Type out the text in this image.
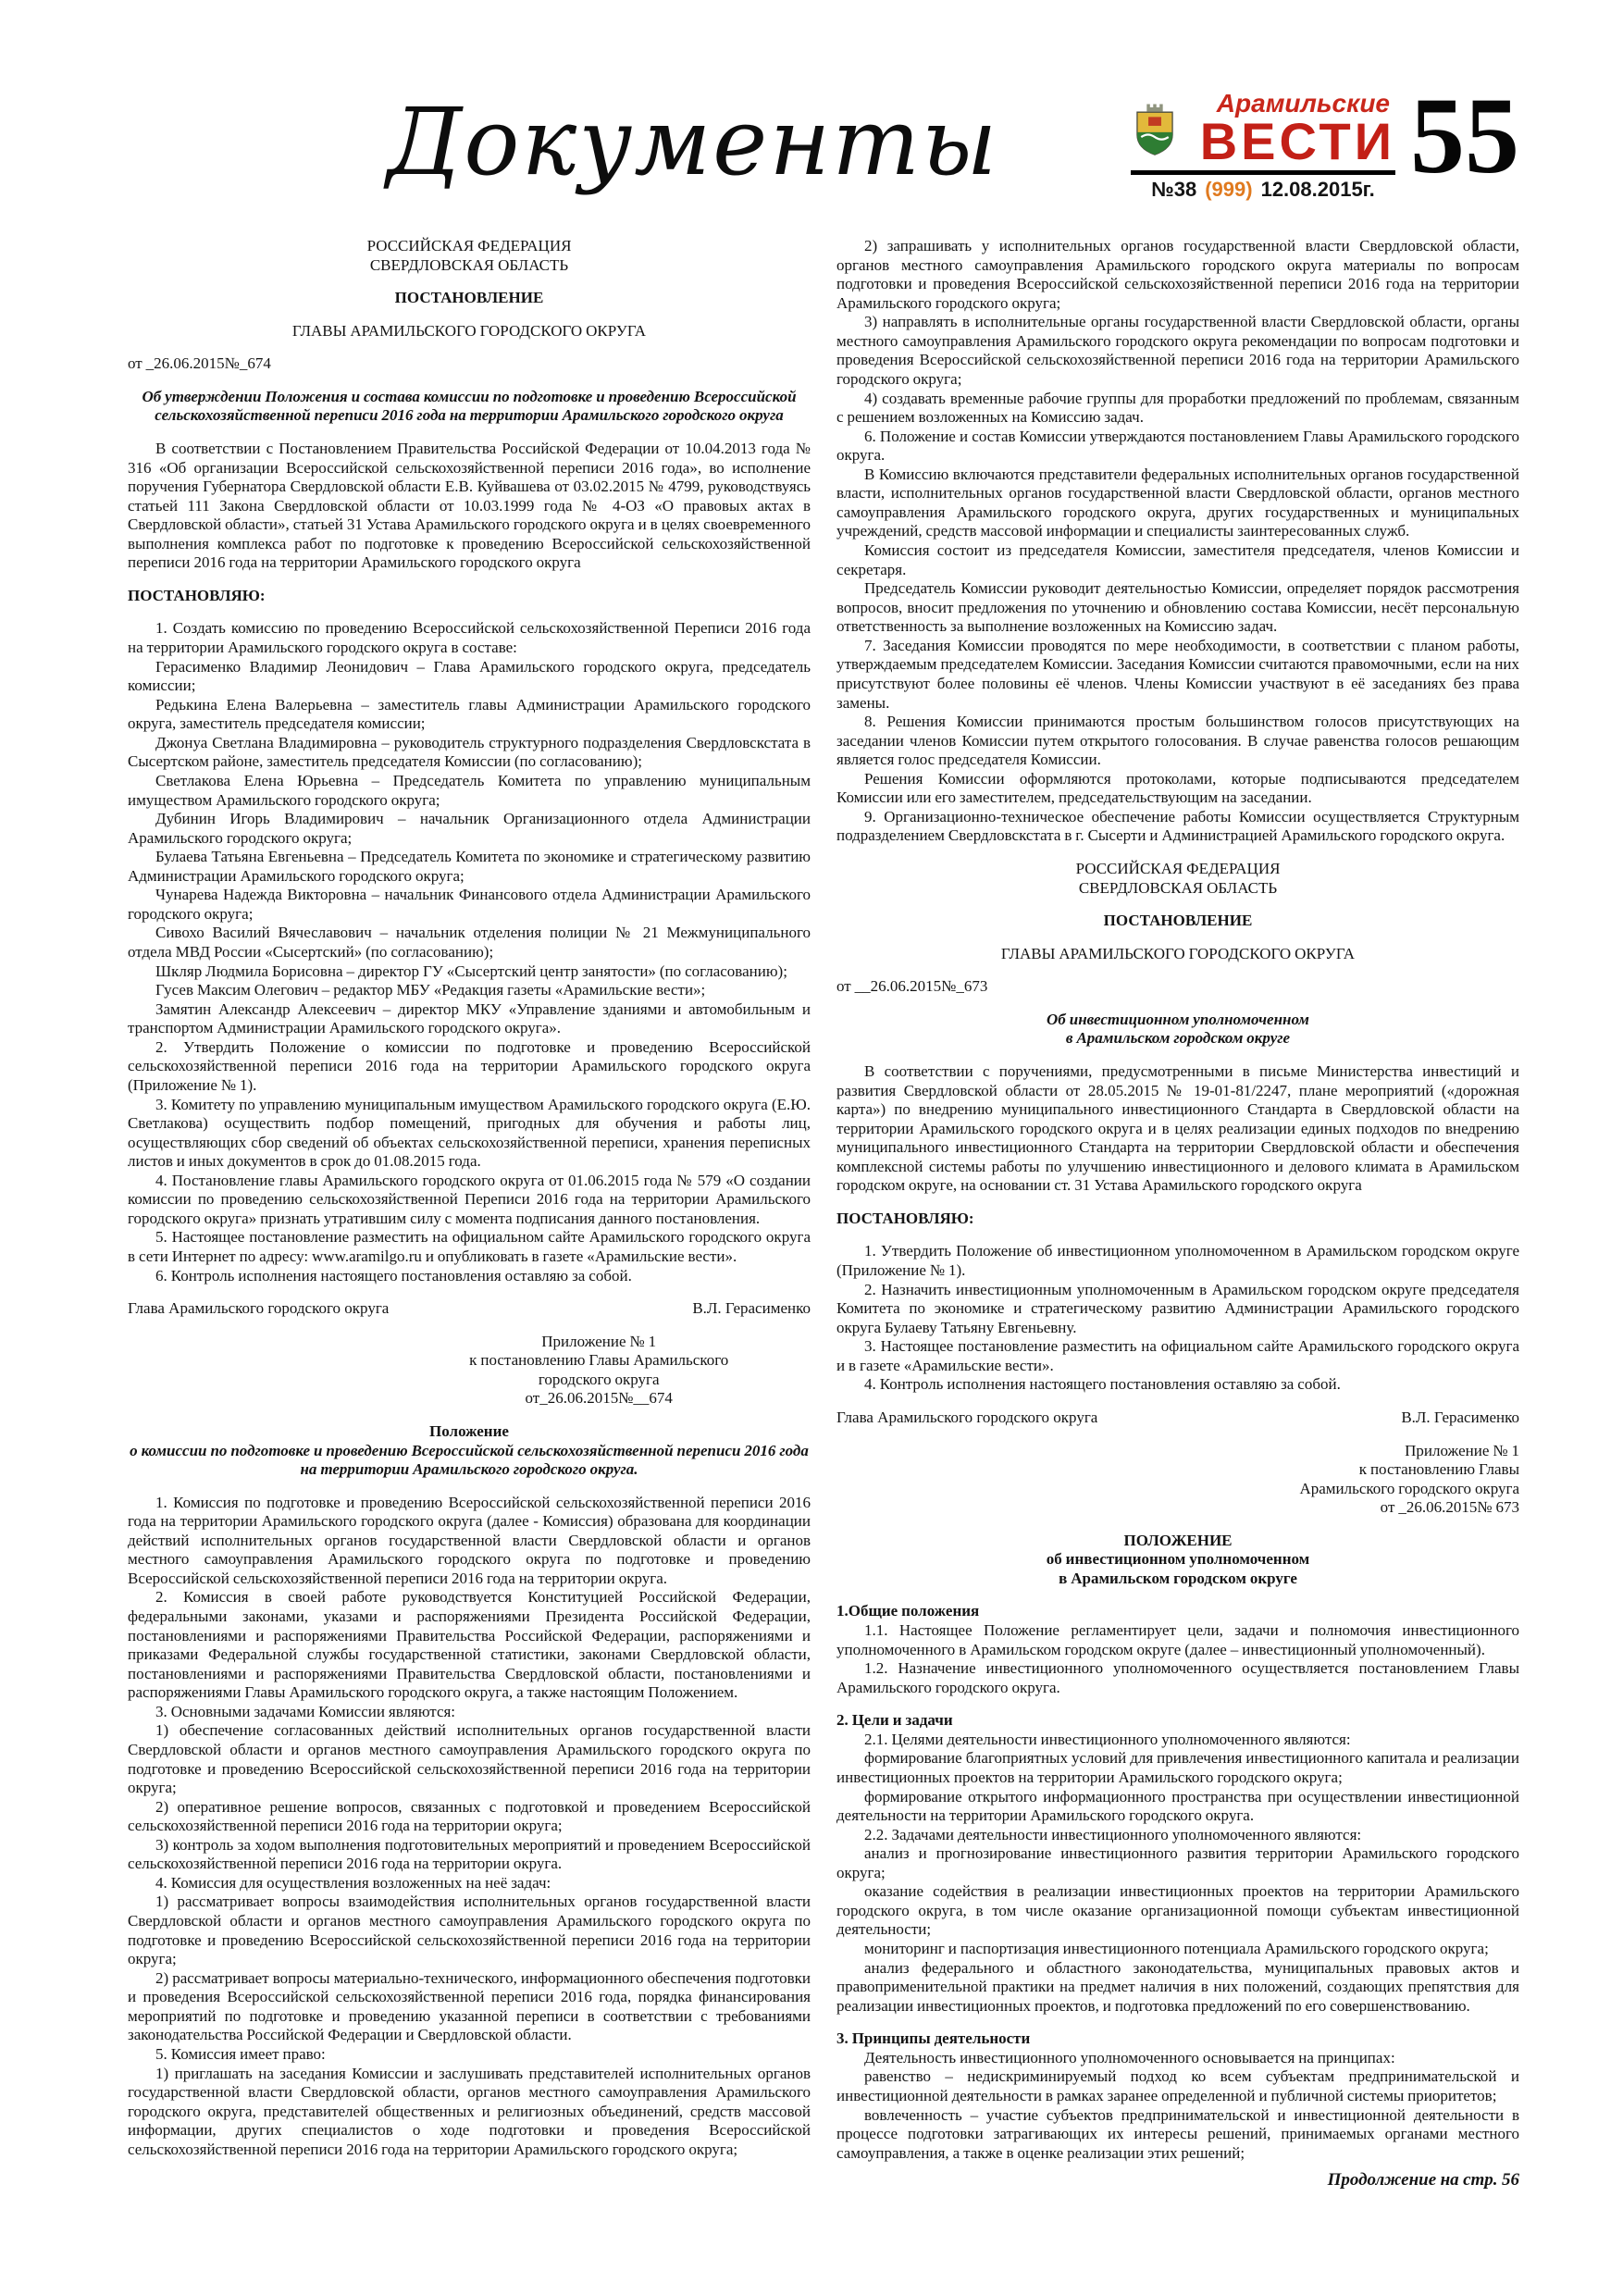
Документы	Арамильские
ВЕСТИ
№38 (999) 12.08.2015г. 55

РОССИЙСКАЯ ФЕДЕРАЦИЯ

СВЕРДЛОВСКАЯ ОБЛАСТЬ

ПОСТАНОВЛЕНИЕ

ГЛАВЫ АРАМИЛЬСКОГО ГОРОДСКОГО ОКРУГА

от _26.06.2015№_674

Об утверждении Положения и состава комиссии по подготовке и проведению Всероссийской сельскохозяйственной переписи 2016 года на территории Арамильского городского округа

В соответствии с Постановлением Правительства Российской Федерации от 10.04.2013 года № 316 «Об организации Всероссийской сельскохозяйственной переписи 2016 года», во исполнение поручения Губернатора Свердловской области Е.В. Куйвашева от 03.02.2015 № 4799, руководствуясь статьей 111 Закона Свердловской области от 10.03.1999 года № 4-ОЗ «О правовых актах в Свердловской области», статьей 31 Устава Арамильского городского округа и в целях своевременного выполнения комплекса работ по подготовке к проведению Всероссийской сельскохозяйственной переписи 2016 года на территории Арамильского городского округа

ПОСТАНОВЛЯЮ:

1. Создать комиссию по проведению Всероссийской сельскохозяйственной Переписи 2016 года на территории Арамильского городского округа в составе:

Герасименко Владимир Леонидович – Глава Арамильского городского округа, председатель комиссии;

Редькина Елена Валерьевна – заместитель главы Администрации Арамильского городского округа, заместитель председателя комиссии;

Джонуа Светлана Владимировна – руководитель структурного подразделения Свердловскстата в Сысертском районе, заместитель председателя Комиссии (по согласованию);

Светлакова Елена Юрьевна – Председатель Комитета по управлению муниципальным имуществом Арамильского городского округа;

Дубинин Игорь Владимирович – начальник Организационного отдела Администрации Арамильского городского округа;

Булаева Татьяна Евгеньевна – Председатель Комитета по экономике и стратегическому развитию Администрации Арамильского городского округа;

Чунарева Надежда Викторовна – начальник Финансового отдела Администрации Арамильского городского округа;

Сивохо Василий Вячеславович – начальник отделения полиции № 21 Межмуниципального отдела МВД России «Сысертский» (по согласованию);

Шкляр Людмила Борисовна – директор ГУ «Сысертский центр занятости» (по согласованию);

Гусев Максим Олегович – редактор МБУ «Редакция газеты «Арамильские вести»;

Замятин Александр Алексеевич – директор МКУ «Управление зданиями и автомобильным и транспортом Администрации Арамильского городского округа».

2. Утвердить Положение о комиссии по подготовке и проведению Всероссийской сельскохозяйственной переписи 2016 года на территории Арамильского городского округа (Приложение № 1).

3. Комитету по управлению муниципальным имуществом Арамильского городского округа (Е.Ю. Светлакова) осуществить подбор помещений, пригодных для обучения и работы лиц, осуществляющих сбор сведений об объектах сельскохозяйственной переписи, хранения переписных листов и иных документов в срок до 01.08.2015 года.

4. Постановление главы Арамильского городского округа от 01.06.2015 года № 579 «О создании комиссии по проведению сельскохозяйственной Переписи 2016 года на территории Арамильского городского округа» признать утратившим силу с момента подписания данного постановления.

5. Настоящее постановление разместить на официальном сайте Арамильского городского округа в сети Интернет по адресу: www.aramilgo.ru и опубликовать в газете «Арамильские вести».

6. Контроль исполнения настоящего постановления оставляю за собой.

Глава Арамильского городского округа	В.Л. Герасименко

Приложение № 1

к постановлению Главы Арамильского

городского округа

от_26.06.2015№__674

Положение

о комиссии по подготовке и проведению Всероссийской сельскохозяйственной переписи 2016 года на территории Арамильского городского округа.

1. Комиссия по подготовке и проведению Всероссийской сельскохозяйственной переписи 2016 года на территории Арамильского городского округа (далее - Комиссия) образована для координации действий исполнительных органов государственной власти Свердловской области и органов местного самоуправления Арамильского городского округа по подготовке и проведению Всероссийской сельскохозяйственной переписи 2016 года на территории округа.

2. Комиссия в своей работе руководствуется Конституцией Российской Федерации, федеральными законами, указами и распоряжениями Президента Российской Федерации, постановлениями и распоряжениями Правительства Российской Федерации, распоряжениями и приказами Федеральной службы государственной статистики, законами Свердловской области, постановлениями и распоряжениями Правительства Свердловской области, постановлениями и распоряжениями Главы Арамильского городского округа, а также настоящим Положением.

3. Основными задачами Комиссии являются:

1) обеспечение согласованных действий исполнительных органов государственной власти Свердловской области и органов местного самоуправления Арамильского городского округа по подготовке и проведению Всероссийской сельскохозяйственной переписи 2016 года на территории округа;

2) оперативное решение вопросов, связанных с подготовкой и проведением Всероссийской сельскохозяйственной переписи 2016 года на территории округа;

3) контроль за ходом выполнения подготовительных мероприятий и проведением Всероссийской сельскохозяйственной переписи 2016 года на территории округа.

4. Комиссия для осуществления возложенных на неё задач:

1) рассматривает вопросы взаимодействия исполнительных органов государственной власти Свердловской области и органов местного самоуправления Арамильского городского округа по подготовке и проведению Всероссийской сельскохозяйственной переписи 2016 года на территории округа;

2) рассматривает вопросы материально-технического, информационного обеспечения подготовки и проведения Всероссийской сельскохозяйственной переписи 2016 года, порядка финансирования мероприятий по подготовке и проведению указанной переписи в соответствии с требованиями законодательства Российской Федерации и Свердловской области.

5. Комиссия имеет право:

1) приглашать на заседания Комиссии и заслушивать представителей исполнительных органов государственной власти Свердловской области, органов местного самоуправления Арамильского городского округа, представителей общественных и религиозных объединений, средств массовой информации, других специалистов о ходе подготовки и проведения Всероссийской сельскохозяйственной переписи 2016 года на территории Арамильского городского округа;

2) запрашивать у исполнительных органов государственной власти Свердловской области, органов местного самоуправления Арамильского городского округа материалы по вопросам подготовки и проведения Всероссийской сельскохозяйственной переписи 2016 года на территории Арамильского городского округа;

3) направлять в исполнительные органы государственной власти Свердловской области, органы местного самоуправления Арамильского городского округа рекомендации по вопросам подготовки и проведения Всероссийской сельскохозяйственной переписи 2016 года на территории Арамильского городского округа;

4) создавать временные рабочие группы для проработки предложений по проблемам, связанным с решением возложенных на Комиссию задач.

6. Положение и состав Комиссии утверждаются постановлением Главы Арамильского городского округа.

В Комиссию включаются представители федеральных исполнительных органов государственной власти, исполнительных органов государственной власти Свердловской области, органов местного самоуправления Арамильского городского округа, других государственных и муниципальных учреждений, средств массовой информации и специалисты заинтересованных служб.

Комиссия состоит из председателя Комиссии, заместителя председателя, членов Комиссии и секретаря.

Председатель Комиссии руководит деятельностью Комиссии, определяет порядок рассмотрения вопросов, вносит предложения по уточнению и обновлению состава Комиссии, несёт персональную ответственность за выполнение возложенных на Комиссию задач.

7. Заседания Комиссии проводятся по мере необходимости, в соответствии с планом работы, утверждаемым председателем Комиссии. Заседания Комиссии считаются правомочными, если на них присутствуют более половины её членов. Члены Комиссии участвуют в её заседаниях без права замены.

8. Решения Комиссии принимаются простым большинством голосов присутствующих на заседании членов Комиссии путем открытого голосования. В случае равенства голосов решающим является голос председателя Комиссии.

Решения Комиссии оформляются протоколами, которые подписываются председателем Комиссии или его заместителем, председательствующим на заседании.

9. Организационно-техническое обеспечение работы Комиссии осуществляется Структурным подразделением Свердловскстата в г. Сысерти и Администрацией Арамильского городского округа.

РОССИЙСКАЯ ФЕДЕРАЦИЯ

СВЕРДЛОВСКАЯ ОБЛАСТЬ

ПОСТАНОВЛЕНИЕ

ГЛАВЫ АРАМИЛЬСКОГО ГОРОДСКОГО ОКРУГА

от __26.06.2015№_673

Об инвестиционном уполномоченном

в Арамильском городском округе

В соответствии с поручениями, предусмотренными в письме Министерства инвестиций и развития Свердловской области от 28.05.2015 № 19-01-81/2247, плане мероприятий («дорожная карта») по внедрению муниципального инвестиционного Стандарта в Свердловской области на территории Арамильского городского округа и в целях реализации единых подходов по внедрению муниципального инвестиционного Стандарта на территории Свердловской области и обеспечения комплексной системы работы по улучшению инвестиционного и делового климата в Арамильском городском округе, на основании ст. 31 Устава Арамильского городского округа

ПОСТАНОВЛЯЮ:

1. Утвердить Положение об инвестиционном уполномоченном в Арамильском городском округе (Приложение № 1).

2. Назначить инвестиционным уполномоченным в Арамильском городском округе председателя Комитета по экономике и стратегическому развитию Администрации Арамильского городского округа Булаеву Татьяну Евгеньевну.

3. Настоящее постановление разместить на официальном сайте Арамильского городского округа и в газете «Арамильские вести».

4. Контроль исполнения настоящего постановления оставляю за собой.

Глава Арамильского городского округа	В.Л. Герасименко

Приложение № 1

к постановлению Главы

Арамильского городского округа

от _26.06.2015№ 673

ПОЛОЖЕНИЕ

об инвестиционном уполномоченном

в Арамильском городском округе

1.Общие положения

1.1. Настоящее Положение регламентирует цели, задачи и полномочия инвестиционного уполномоченного в Арамильском городском округе (далее – инвестиционный уполномоченный).

1.2. Назначение инвестиционного уполномоченного осуществляется постановлением Главы Арамильского городского округа.

2. Цели и задачи

2.1. Целями деятельности инвестиционного уполномоченного являются:

формирование благоприятных условий для привлечения инвестиционного капитала и реализации инвестиционных проектов на территории Арамильского городского округа;

формирование открытого информационного пространства при осуществлении инвестиционной деятельности на территории Арамильского городского округа.

2.2. Задачами деятельности инвестиционного уполномоченного являются:

анализ и прогнозирование инвестиционного развития территории Арамильского городского округа;

оказание содействия в реализации инвестиционных проектов на территории Арамильского городского округа, в том числе оказание организационной помощи субъектам инвестиционной деятельности;

мониторинг и паспортизация инвестиционного потенциала Арамильского городского округа;

анализ федерального и областного законодательства, муниципальных правовых актов и правоприменительной практики на предмет наличия в них положений, создающих препятствия для реализации инвестиционных проектов, и подготовка предложений по его совершенствованию.

3. Принципы деятельности

Деятельность инвестиционного уполномоченного основывается на принципах:

равенство – недискриминируемый подход ко всем субъектам предпринимательской и инвестиционной деятельности в рамках заранее определенной и публичной системы приоритетов;

вовлеченность – участие субъектов предпринимательской и инвестиционной деятельности в процессе подготовки затрагивающих их интересы решений, принимаемых органами местного самоуправления, а также в оценке реализации этих решений;

Продолжение на стр. 56
